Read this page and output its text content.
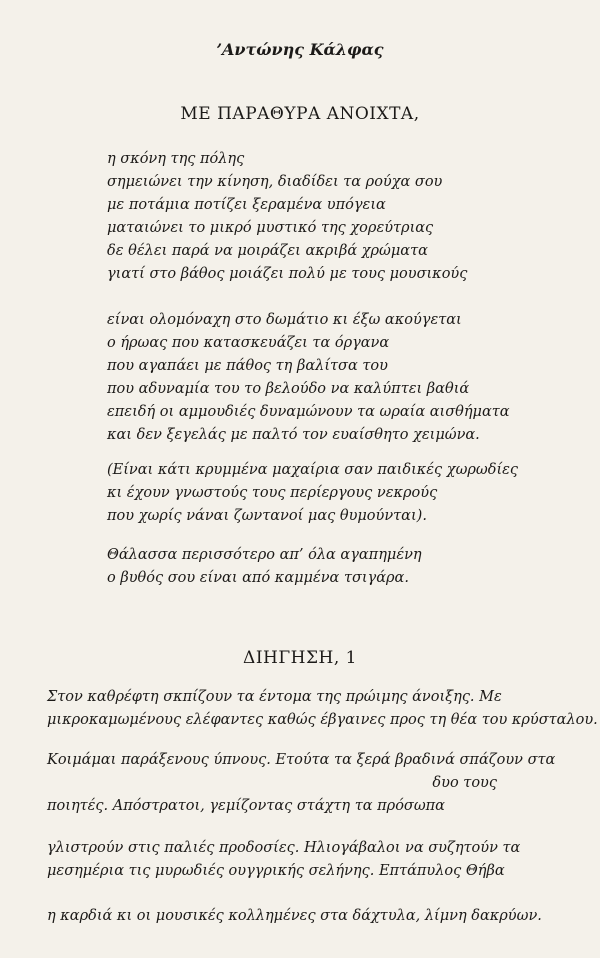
’Αντώνης Κάλφας
ΜΕ ΠΑΡΑΘΥΡΑ ΑΝΟΙΧΤΑ,
η σκόνη της πόλης
σημειώνει την κίνηση, διαδίδει τα ρούχα σου
με ποτάμια ποτίζει ξεραμένα υπόγεια
ματαιώνει το μικρό μυστικό της χορεύτριας
δε θέλει παρά να μοιράζει ακριβά χρώματα
γιατί στο βάθος μοιάζει πολύ με τους μουσικούς
είναι ολομόναχη στο δωμάτιο κι έξω ακούγεται
ο ήρωας που κατασκευάζει τα όργανα
που αγαπάει με πάθος τη βαλίτσα του
που αδυναμία του το βελούδο να καλύπτει βαθιά
επειδή οι αμμουδιές δυναμώνουν τα ωραία αισθήματα
και δεν ξεγελάς με παλτό τον ευαίσθητο χειμώνα.
(Είναι κάτι κρυμμένα μαχαίρια σαν παιδικές χωρωδίες
κι έχουν γνωστούς τους περίεργους νεκρούς
που χωρίς νάναι ζωντανοί μας θυμούνται).
Θάλασσα περισσότερο απ’ όλα αγαπημένη
ο βυθός σου είναι από καμμένα τσιγάρα.
ΔΙΗΓΗΣΗ, 1
Στον καθρέφτη σκπίζουν τα έντομα της πρώιμης άνοιξης. Με
μικροκαμωμένους ελέφαντες καθώς έβγαινες προς τη θέα του κρύσταλου.
Κοιμάμαι παράξενους ύπνους. Ετούτα τα ξερά βραδινά σπάζουν στα
δυο τους
ποιητές. Απόστρατοι, γεμίζοντας στάχτη τα πρόσωπα
γλιστρούν στις παλιές προδοσίες. Ηλιογάβαλοι να συζητούν τα
μεσημέρια τις μυρωδιές ουγγρικής σελήνης. Επτάπυλος Θήβα
η καρδιά κι οι μουσικές κολλημένες στα δάχτυλα, λίμνη δακρύων.
